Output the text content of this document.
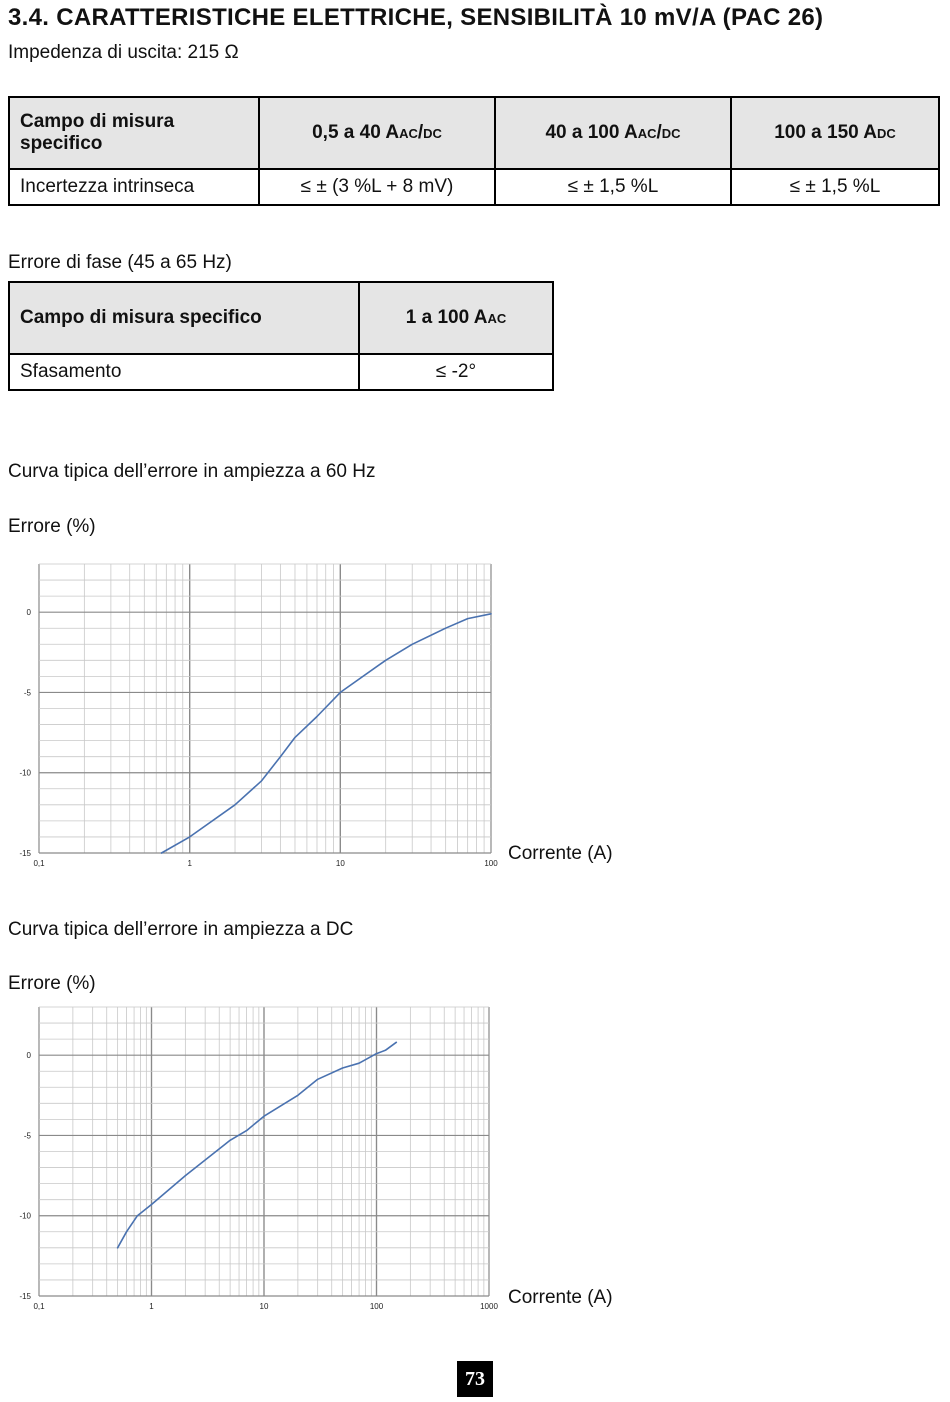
3.4. CARATTERISTICHE ELETTRICHE, SENSIBILITÀ 10 mV/A (PAC 26)
Impedenza di uscita: 215 Ω
Campo di misura specifico	0,5 a 40 Aac/dc	40 a 100 Aac/dc	100 a 150 Adc
Incertezza intrinseca	≤ ± (3 %L + 8 mV)	≤ ± 1,5 %L	≤ ± 1,5 %L
Errore di fase (45 a 65 Hz)
Campo di misura specifico	1 a 100 Aac
Sfasamento	≤ -2°
Curva tipica dell’errore in ampiezza a 60 Hz
Errore (%)
0
-5
-10
-15
0,1	1	10	100 Corrente (A)
Curva tipica dell’errore in ampiezza a DC
Errore (%)
0
-5
-10
-15
0,1	1	10	100	1000 Corrente (A)
73
